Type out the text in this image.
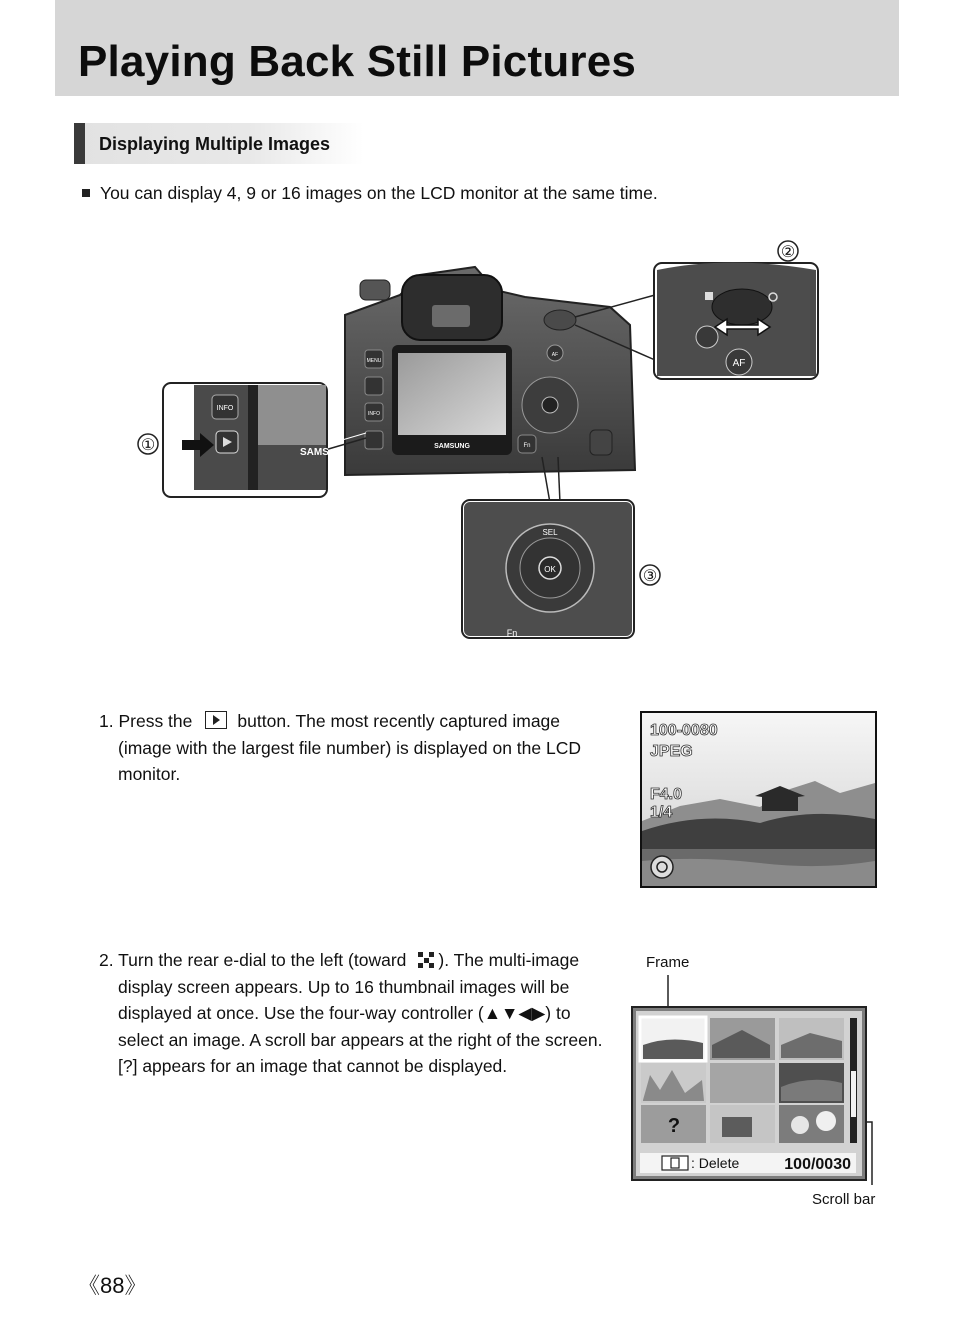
Playing Back Still Pictures
Displaying Multiple Images
You can display 4, 9 or 16 images on the LCD monitor at the same time.
SAMSUNG
MENU
INFO
Fn
AF
INFO
SAMS
①
AF
②
OK
SEL
Fn
③
1. Press the	button. The most recently captured image
(image with the largest file number) is displayed on the LCD
monitor.
100-0080
JPEG
F4.0
1/4
2. Turn the rear e-dial to the left (toward ). The multi-image
display screen appears. Up to 16 thumbnail images will be
displayed at once. Use the four-way controller (▲▼◀▶) to
select an image. A scroll bar appears at the right of the screen.
[?] appears for an image that cannot be displayed.
Frame
Scroll bar
?
: Delete	100/0030
《88》
